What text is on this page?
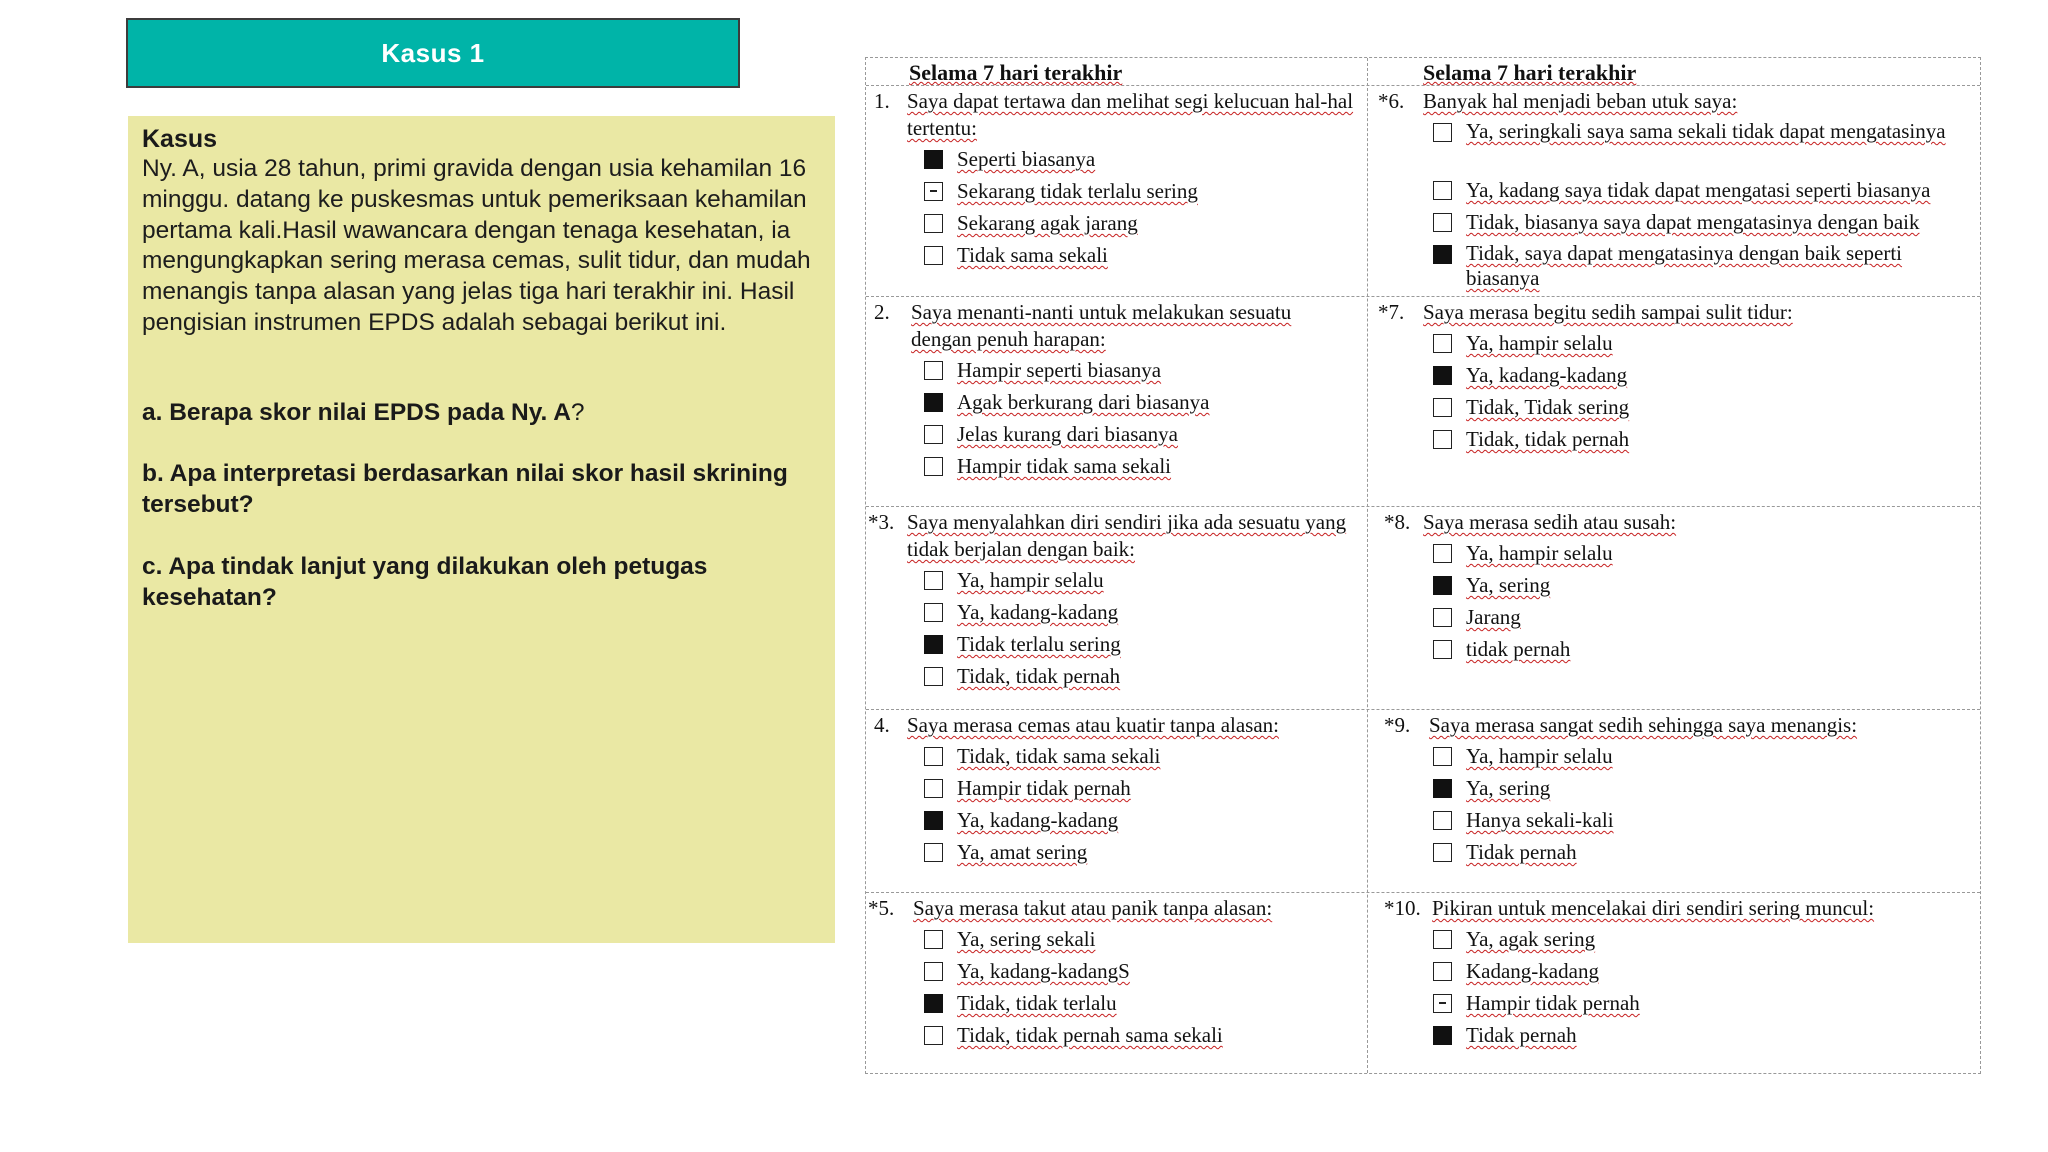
Kasus 1
Kasus
Ny. A, usia 28 tahun, primi gravida dengan usia kehamilan 16 minggu. datang ke puskesmas untuk pemeriksaan kehamilan pertama kali.Hasil wawancara dengan tenaga kesehatan, ia mengungkapkan sering merasa cemas, sulit tidur, dan mudah menangis tanpa alasan yang jelas tiga hari terakhir ini. Hasil pengisian instrumen EPDS adalah sebagai berikut ini.
a. Berapa skor nilai EPDS pada Ny. A?
b. Apa interpretasi berdasarkan nilai skor hasil skrining tersebut?
c. Apa tindak lanjut yang dilakukan oleh petugas kesehatan?
Selama 7 hari terakhir	Selama 7 hari terakhir
1. Saya dapat tertawa dan melihat segi kelucuan hal-hal tertentu:
Seperti biasanya
Sekarang tidak terlalu sering
Sekarang agak jarang
Tidak sama sekali
2.	Saya menanti-nanti untuk melakukan sesuatu dengan penuh harapan:
Hampir seperti biasanya
Agak berkurang dari biasanya
Jelas kurang dari biasanya
Hampir tidak sama sekali
*3. Saya menyalahkan diri sendiri jika ada sesuatu yang tidak berjalan dengan baik:
Ya, hampir selalu
Ya, kadang-kadang
Tidak terlalu sering
Tidak, tidak pernah
4. Saya merasa cemas atau kuatir tanpa alasan:
Tidak, tidak sama sekali
Hampir tidak pernah
Ya, kadang-kadang
Ya, amat sering
*5. Saya merasa takut atau panik tanpa alasan:
Ya, sering sekali
Ya, kadang-kadangS
Tidak, tidak terlalu
Tidak, tidak pernah sama sekali
*6. Banyak hal menjadi beban utuk saya:
Ya, seringkali saya sama sekali tidak dapat mengatasinya
Ya, kadang saya tidak dapat mengatasi seperti biasanya
Tidak, biasanya saya dapat mengatasinya dengan baik
Tidak, saya dapat mengatasinya dengan baik seperti biasanya
*7. Saya merasa begitu sedih sampai sulit tidur:
Ya, hampir selalu
Ya, kadang-kadang
Tidak, Tidak sering
Tidak, tidak pernah
*8. Saya merasa sedih atau susah:
Ya, hampir selalu
Ya, sering
Jarang
tidak pernah
*9. Saya merasa sangat sedih sehingga saya menangis:
Ya, hampir selalu
Ya, sering
Hanya sekali-kali
Tidak pernah
*10. Pikiran untuk mencelakai diri sendiri sering muncul:
Ya, agak sering
Kadang-kadang
Hampir tidak pernah
Tidak pernah
